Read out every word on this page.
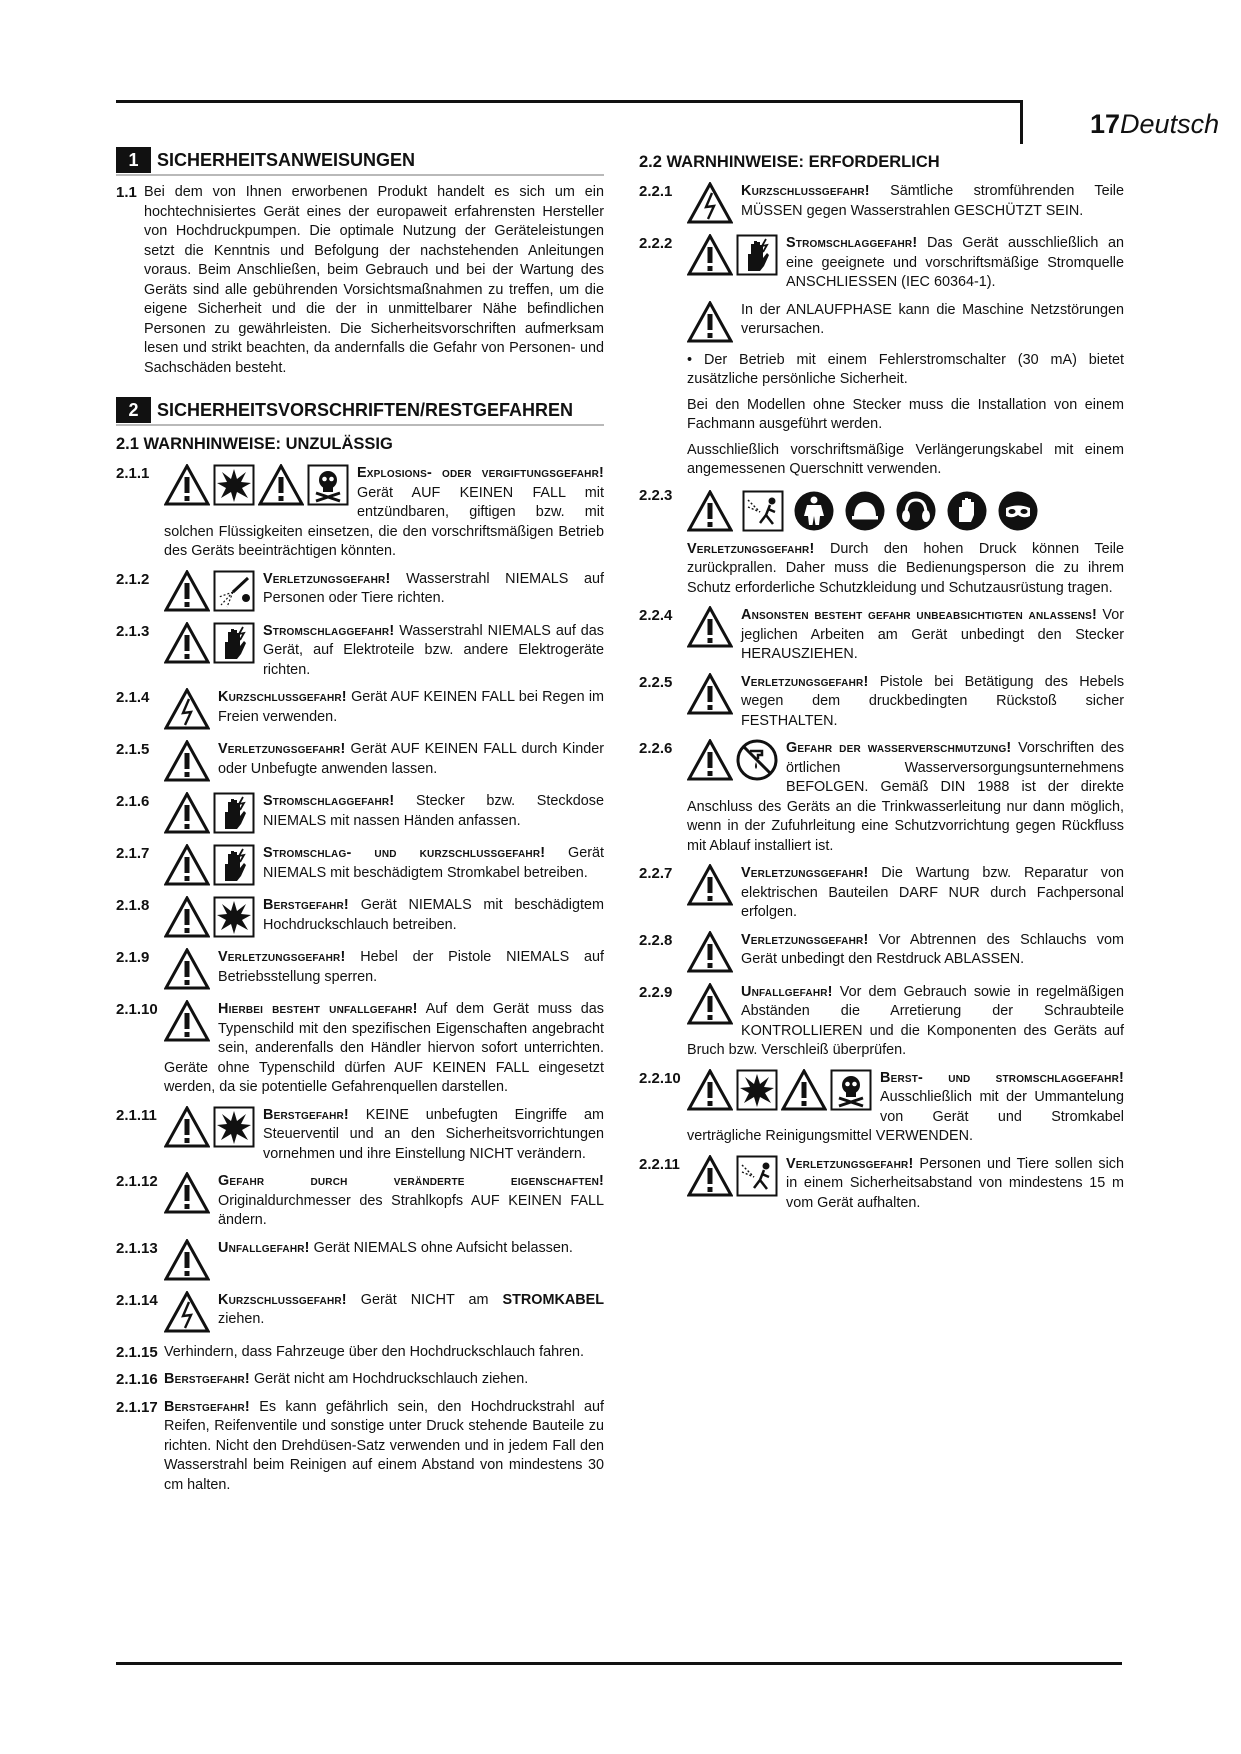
17Deutsch
1	SICHERHEITSANWEISUNGEN
1.1 Bei dem von Ihnen erworbenen Produkt handelt es sich um ein hochtechnisiertes Gerät eines der europaweit erfahrensten Hersteller von Hochdruckpumpen. Die optimale Nutzung der Geräteleistungen setzt die Kenntnis und Befolgung der nachstehenden Anleitungen voraus. Beim Anschließen, beim Gebrauch und bei der Wartung des Geräts sind alle gebührenden Vorsichtsmaßnahmen zu treffen, um die eigene Sicherheit und die der in unmittelbarer Nähe befindlichen Personen zu gewährleisten. Die Sicherheitsvorschriften aufmerksam lesen und strikt beachten, da andernfalls die Gefahr von Personen- und Sachschäden besteht.
2	SICHERHEITSVORSCHRIFTEN/RESTGEFAHREN
2.1 WARNHINWEISE: UNZULÄSSIG
2.1.1	Explosions- oder vergiftungsgefahr! Gerät AUF KEINEN FALL mit entzündbaren, giftigen bzw. mit solchen Flüssigkeiten einsetzen, die den vorschriftsmäßigen Betrieb des Geräts beeinträchtigen könnten.
2.1.2	Verletzungsgefahr! Wasserstrahl NIEMALS auf Personen oder Tiere richten.
2.1.3	Stromschlaggefahr! Wasserstrahl NIEMALS auf das Gerät, auf Elektroteile bzw. andere Elektrogeräte richten.
2.1.4	Kurzschlussgefahr! Gerät AUF KEINEN FALL bei Regen im Freien verwenden.
2.1.5	Verletzungsgefahr! Gerät AUF KEINEN FALL durch Kinder oder Unbefugte anwenden lassen.
2.1.6	Stromschlaggefahr! Stecker bzw. Steckdose NIEMALS mit nassen Händen anfassen.
2.1.7	Stromschlag- und kurzschlussgefahr! Gerät NIEMALS mit beschädigtem Stromkabel betreiben.
2.1.8	Berstgefahr! Gerät NIEMALS mit beschädigtem Hochdruckschlauch betreiben.
2.1.9	Verletzungsgefahr! Hebel der Pistole NIEMALS auf Betriebsstellung sperren.
2.1.10	Hierbei besteht unfallgefahr! Auf dem Gerät muss das Typenschild mit den spezifischen Eigenschaften angebracht sein, anderenfalls den Händler hiervon sofort unterrichten. Geräte ohne Typenschild dürfen AUF KEINEN FALL eingesetzt werden, da sie potentielle Gefahrenquellen darstellen.
2.1.11	Berstgefahr! KEINE unbefugten Eingriffe am Steuerventil und an den Sicherheitsvorrichtungen vornehmen und ihre Einstellung NICHT verändern.
2.1.12	Gefahr durch veränderte eigenschaften! Originaldurchmesser des Strahlkopfs AUF KEINEN FALL ändern.
2.1.13	Unfallgefahr! Gerät NIEMALS ohne Aufsicht belassen.
2.1.14	Kurzschlussgefahr! Gerät NICHT am STROMKABEL ziehen.
2.1.15 Verhindern, dass Fahrzeuge über den Hochdruckschlauch fahren.
2.1.16 Berstgefahr! Gerät nicht am Hochdruckschlauch ziehen.
2.1.17 Berstgefahr! Es kann gefährlich sein, den Hochdruckstrahl auf Reifen, Reifenventile und sonstige unter Druck stehende Bauteile zu richten. Nicht den Drehdüsen-Satz verwenden und in jedem Fall den Wasserstrahl beim Reinigen auf einem Abstand von mindestens 30 cm halten.
2.2 WARNHINWEISE: ERFORDERLICH
2.2.1	Kurzschlussgefahr! Sämtliche stromführenden Teile MÜSSEN gegen Wasserstrahlen GESCHÜTZT SEIN.
2.2.2	Stromschlaggefahr! Das Gerät ausschließlich an eine geeignete und vorschriftsmäßige Stromquelle ANSCHLIESSEN (IEC 60364-1).
In der ANLAUFPHASE kann die Maschine Netzstörungen verursachen.
• Der Betrieb mit einem Fehlerstromschalter (30 mA) bietet zusätzliche persönliche Sicherheit.
Bei den Modellen ohne Stecker muss die Installation von einem Fachmann ausgeführt werden.
Ausschließlich vorschriftsmäßige Verlängerungskabel mit einem angemessenen Querschnitt verwenden.
2.2.3
Verletzungsgefahr! Durch den hohen Druck können Teile zurückprallen. Daher muss die Bedienungsperson die zu ihrem Schutz erforderliche Schutzkleidung und Schutzausrüstung tragen.
2.2.4	Ansonsten besteht gefahr unbeabsichtigten anlassens! Vor jeglichen Arbeiten am Gerät unbedingt den Stecker HERAUSZIEHEN.
2.2.5	Verletzungsgefahr! Pistole bei Betätigung des Hebels wegen dem druckbedingten Rückstoß sicher FESTHALTEN.
2.2.6	Gefahr der wasserverschmutzung! Vorschriften des örtlichen Wasserversorgungsunternehmens BEFOLGEN. Gemäß DIN 1988 ist der direkte Anschluss des Geräts an die Trinkwasserleitung nur dann möglich, wenn in der Zufuhrleitung eine Schutzvorrichtung gegen Rückfluss mit Ablauf installiert ist.
2.2.7	Verletzungsgefahr! Die Wartung bzw. Reparatur von elektrischen Bauteilen DARF NUR durch Fachpersonal erfolgen.
2.2.8	Verletzungsgefahr! Vor Abtrennen des Schlauchs vom Gerät unbedingt den Restdruck ABLASSEN.
2.2.9	Unfallgefahr! Vor dem Gebrauch sowie in regelmäßigen Abständen die Arretierung der Schraubteile KONTROLLIEREN und die Komponenten des Geräts auf Bruch bzw. Verschleiß überprüfen.
2.2.10	Berst- und stromschlaggefahr! Ausschließlich mit der Ummantelung von Gerät und Stromkabel verträgliche Reinigungsmittel VERWENDEN.
2.2.11	Verletzungsgefahr! Personen und Tiere sollen sich in einem Sicherheitsabstand von mindestens 15 m vom Gerät aufhalten.
